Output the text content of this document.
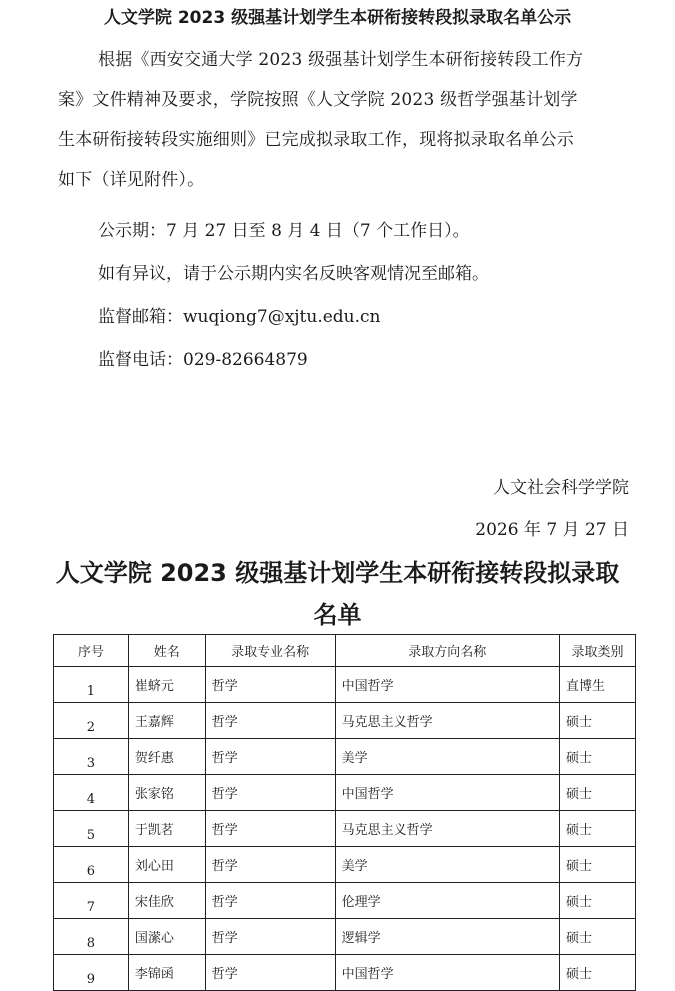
人文学院 2023 级强基计划学生本研衔接转段拟录取名单公示
根据《西安交通大学 2023 级强基计划学生本研衔接转段工作方
案》文件精神及要求，学院按照《人文学院 2023 级哲学强基计划学
生本研衔接转段实施细则》已完成拟录取工作，现将拟录取名单公示
如下（详见附件）。
公示期：7 月 27 日至 8 月 4 日（7 个工作日）。
如有异议，请于公示期内实名反映客观情况至邮箱。
监督邮箱：wuqiong7@xjtu.edu.cn
监督电话：029-82664879
人文社会科学学院
2026 年 7 月 27 日
人文学院 2023 级强基计划学生本研衔接转段拟录取
名单
序号	姓名	录取专业名称	录取方向名称	录取类别
1	崔蛴元	哲学	中国哲学	直博生
2	王嘉辉	哲学	马克思主义哲学	硕士
3	贺纤惠	哲学	美学	硕士
4	张家铭	哲学	中国哲学	硕士
5	于凯茗	哲学	马克思主义哲学	硕士
6	刘心田	哲学	美学	硕士
7	宋佳欣	哲学	伦理学	硕士
8	国潆心	哲学	逻辑学	硕士
9	李锦函	哲学	中国哲学	硕士
